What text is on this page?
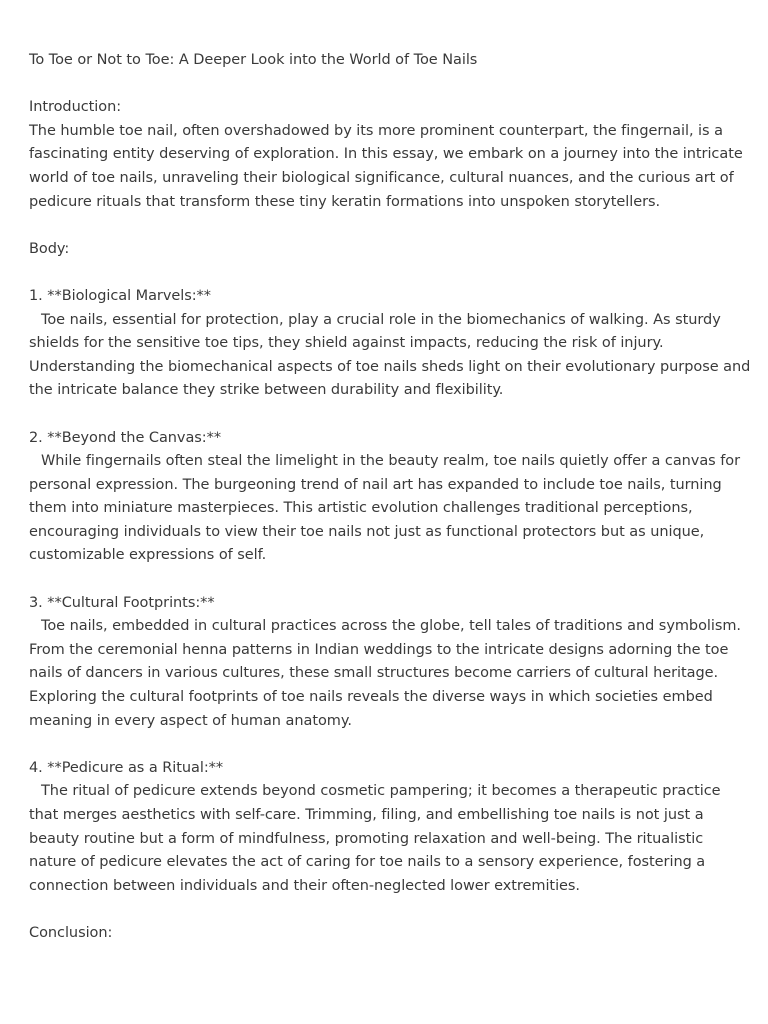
To Toe or Not to Toe: A Deeper Look into the World of Toe Nails
Introduction:
The humble toe nail, often overshadowed by its more prominent counterpart, the fingernail, is a fascinating entity deserving of exploration. In this essay, we embark on a journey into the intricate world of toe nails, unraveling their biological significance, cultural nuances, and the curious art of pedicure rituals that transform these tiny keratin formations into unspoken storytellers.
Body:
1. **Biological Marvels:**
Toe nails, essential for protection, play a crucial role in the biomechanics of walking. As sturdy shields for the sensitive toe tips, they shield against impacts, reducing the risk of injury. Understanding the biomechanical aspects of toe nails sheds light on their evolutionary purpose and the intricate balance they strike between durability and flexibility.
2. **Beyond the Canvas:**
While fingernails often steal the limelight in the beauty realm, toe nails quietly offer a canvas for personal expression. The burgeoning trend of nail art has expanded to include toe nails, turning them into miniature masterpieces. This artistic evolution challenges traditional perceptions, encouraging individuals to view their toe nails not just as functional protectors but as unique, customizable expressions of self.
3. **Cultural Footprints:**
Toe nails, embedded in cultural practices across the globe, tell tales of traditions and symbolism. From the ceremonial henna patterns in Indian weddings to the intricate designs adorning the toe nails of dancers in various cultures, these small structures become carriers of cultural heritage. Exploring the cultural footprints of toe nails reveals the diverse ways in which societies embed meaning in every aspect of human anatomy.
4. **Pedicure as a Ritual:**
The ritual of pedicure extends beyond cosmetic pampering; it becomes a therapeutic practice that merges aesthetics with self-care. Trimming, filing, and embellishing toe nails is not just a beauty routine but a form of mindfulness, promoting relaxation and well-being. The ritualistic nature of pedicure elevates the act of caring for toe nails to a sensory experience, fostering a connection between individuals and their often-neglected lower extremities.
Conclusion:
